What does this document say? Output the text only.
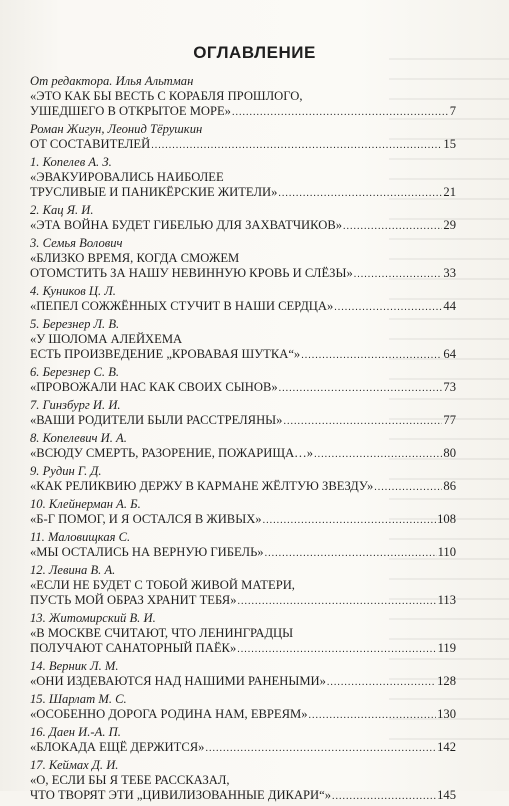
ОГЛАВЛЕНИЕ
От редактора. Илья Альтман
«ЭТО КАК БЫ ВЕСТЬ С КОРАБЛЯ ПРОШЛОГО,
УШЕДШЕГО В ОТКРЫТОЕ МОРЕ» .....	7
Роман Жигун, Леонид Тёрушкин
ОТ СОСТАВИТЕЛЕЙ .....	15
1. Копелев А. З.
«ЭВАКУИРОВАЛИСЬ НАИБОЛЕЕ
ТРУСЛИВЫЕ И ПАНИКЁРСКИЕ ЖИТЕЛИ» .....	21
2. Кац Я. И.
«ЭТА ВОЙНА БУДЕТ ГИБЕЛЬЮ ДЛЯ ЗАХВАТЧИКОВ» .....	29
3. Семья Волович
«БЛИЗКО ВРЕМЯ, КОГДА СМОЖЕМ
ОТОМСТИТЬ ЗА НАШУ НЕВИННУЮ КРОВЬ И СЛЁЗЫ» .....	33
4. Куников Ц. Л.
«ПЕПЕЛ СОЖЖЁННЫХ СТУЧИТ В НАШИ СЕРДЦА» .....	44
5. Березнер Л. В.
«У ШОЛОМА АЛЕЙХЕМА
ЕСТЬ ПРОИЗВЕДЕНИЕ „КРОВАВАЯ ШУТКА“» .....	64
6. Березнер С. В.
«ПРОВОЖАЛИ НАС КАК СВОИХ СЫНОВ» .....	73
7. Гинзбург И. И.
«ВАШИ РОДИТЕЛИ БЫЛИ РАССТРЕЛЯНЫ» .....	77
8. Копелевич И. А.
«ВСЮДУ СМЕРТЬ, РАЗОРЕНИЕ, ПОЖАРИЩА…» .....	80
9. Рудин Г. Д.
«КАК РЕЛИКВИЮ ДЕРЖУ В КАРМАНЕ ЖЁЛТУЮ ЗВЕЗДУ» .....	86
10. Клейнерман А. Б.
«Б-Г ПОМОГ, И Я ОСТАЛСЯ В ЖИВЫХ» .....	108
11. Маловищкая С.
«МЫ ОСТАЛИСЬ НА ВЕРНУЮ ГИБЕЛЬ» .....	110
12. Левина В. А.
«ЕСЛИ НЕ БУДЕТ С ТОБОЙ ЖИВОЙ МАТЕРИ,
ПУСТЬ МОЙ ОБРАЗ ХРАНИТ ТЕБЯ» .....	113
13. Житомирский В. И.
«В МОСКВЕ СЧИТАЮТ, ЧТО ЛЕНИНГРАДЦЫ
ПОЛУЧАЮТ САНАТОРНЫЙ ПАЁК» .....	119
14. Верник Л. М.
«ОНИ ИЗДЕВАЮТСЯ НАД НАШИМИ РАНЕНЫМИ» .....	128
15. Шарлат М. С.
«ОСОБЕННО ДОРОГА РОДИНА НАМ, ЕВРЕЯМ» .....	130
16. Даен И.-А. П.
«БЛОКАДА ЕЩЁ ДЕРЖИТСЯ» .....	142
17. Кеймах Д. И.
«О, ЕСЛИ БЫ Я ТЕБЕ РАССКАЗАЛ,
ЧТО ТВОРЯТ ЭТИ „ЦИВИЛИЗОВАННЫЕ ДИКАРИ“» .....	145
